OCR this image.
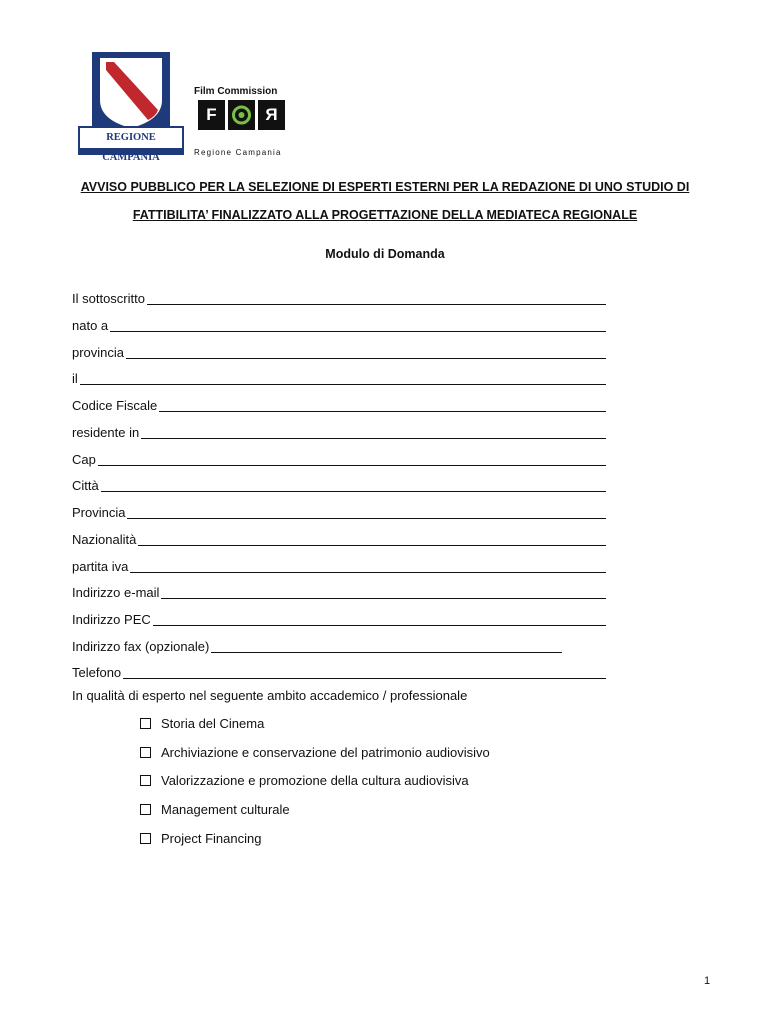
REGIONE CAMPANIA
Film Commission
F	R
Regione Campania
AVVISO PUBBLICO PER LA SELEZIONE DI ESPERTI ESTERNI PER LA REDAZIONE DI UNO STUDIO DI
FATTIBILITA’ FINALIZZATO ALLA PROGETTAZIONE DELLA MEDIATECA REGIONALE
Modulo di Domanda
Il sottoscritto
nato a
provincia
il
Codice Fiscale
residente in
Cap
Città
Provincia
Nazionalità
partita iva
Indirizzo e-mail
Indirizzo PEC
Indirizzo fax (opzionale)
Telefono
In qualità di esperto nel seguente ambito accademico / professionale
Storia del Cinema
Archiviazione e conservazione del patrimonio audiovisivo
Valorizzazione e promozione della cultura audiovisiva
Management culturale
Project Financing
1
